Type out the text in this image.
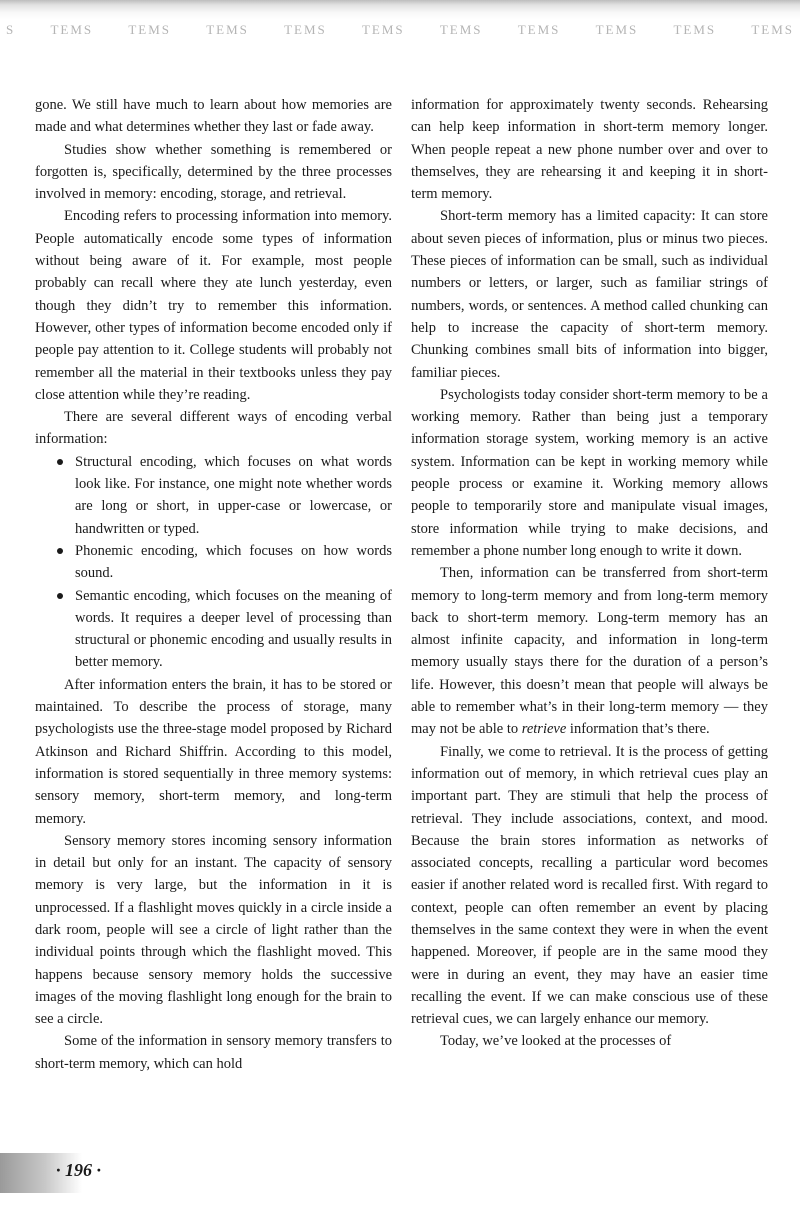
S	TEMS	TEMS	TEMS	TEMS	TEMS	TEMS	TEMS	TEMS	TEMS	TEMS

gone. We still have much to learn about how memories are made and what determines whether they last or fade away.

Studies show whether something is remembered or forgotten is, specifically, determined by the three processes involved in memory: encoding, storage, and retrieval.

Encoding refers to processing information into memory. People automatically encode some types of information without being aware of it. For example, most people probably can recall where they ate lunch yesterday, even though they didn’t try to remember this information. However, other types of information become encoded only if people pay attention to it. College students will probably not remember all the material in their textbooks unless they pay close attention while they’re reading.

There are several different ways of encoding verbal information:

Structural encoding, which focuses on what words look like. For instance, one might note whether words are long or short, in upper-case or lowercase, or handwritten or typed.
Phonemic encoding, which focuses on how words sound.
Semantic encoding, which focuses on the meaning of words. It requires a deeper level of processing than structural or phonemic encoding and usually results in better memory.

After information enters the brain, it has to be stored or maintained. To describe the process of storage, many psychologists use the three-stage model proposed by Richard Atkinson and Richard Shiffrin. According to this model, information is stored sequentially in three memory systems: sensory memory, short-term memory, and long-term memory.

Sensory memory stores incoming sensory information in detail but only for an instant. The capacity of sensory memory is very large, but the information in it is unprocessed. If a flashlight moves quickly in a circle inside a dark room, people will see a circle of light rather than the individual points through which the flashlight moved. This happens because sensory memory holds the successive images of the moving flashlight long enough for the brain to see a circle.

Some of the information in sensory memory transfers to short-term memory, which can hold

information for approximately twenty seconds. Rehearsing can help keep information in short-term memory longer. When people repeat a new phone number over and over to themselves, they are rehearsing it and keeping it in short-term memory.

Short-term memory has a limited capacity: It can store about seven pieces of information, plus or minus two pieces. These pieces of information can be small, such as individual numbers or letters, or larger, such as familiar strings of numbers, words, or sentences. A method called chunking can help to increase the capacity of short-term memory. Chunking combines small bits of information into bigger, familiar pieces.

Psychologists today consider short-term memory to be a working memory. Rather than being just a temporary information storage system, working memory is an active system. Information can be kept in working memory while people process or examine it. Working memory allows people to temporarily store and manipulate visual images, store information while trying to make decisions, and remember a phone number long enough to write it down.

Then, information can be transferred from short-term memory to long-term memory and from long-term memory back to short-term memory. Long-term memory has an almost infinite capacity, and information in long-term memory usually stays there for the duration of a person’s life. However, this doesn’t mean that people will always be able to remember what’s in their long-term memory — they may not be able to retrieve information that’s there.

Finally, we come to retrieval. It is the process of getting information out of memory, in which retrieval cues play an important part. They are stimuli that help the process of retrieval. They include associations, context, and mood. Because the brain stores information as networks of associated concepts, recalling a particular word becomes easier if another related word is recalled first. With regard to context, people can often remember an event by placing themselves in the same context they were in when the event happened. Moreover, if people are in the same mood they were in during an event, they may have an easier time recalling the event. If we can make conscious use of these retrieval cues, we can largely enhance our memory.

Today, we’ve looked at the processes of

· 196 ·
